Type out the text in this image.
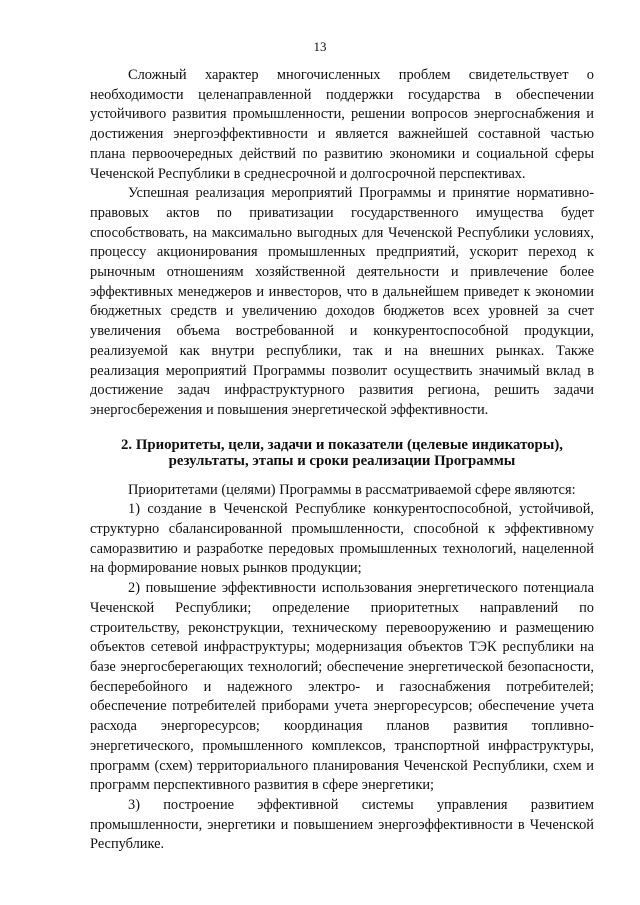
13

Сложный характер многочисленных проблем свидетельствует о необходимости целенаправленной поддержки государства в обеспечении устойчивого развития промышленности, решении вопросов энергоснабжения и достижения энергоэффективности и является важнейшей составной частью плана первоочередных действий по развитию экономики и социальной сферы Чеченской Республики в среднесрочной и долгосрочной перспективах.

Успешная реализация мероприятий Программы и принятие нормативно-правовых актов по приватизации государственного имущества будет способствовать, на максимально выгодных для Чеченской Республики условиях, процессу акционирования промышленных предприятий, ускорит переход к рыночным отношениям хозяйственной деятельности и привлечение более эффективных менеджеров и инвесторов, что в дальнейшем приведет к экономии бюджетных средств и увеличению доходов бюджетов всех уровней за счет увеличения объема востребованной и конкурентоспособной продукции, реализуемой как внутри республики, так и на внешних рынках. Также реализация мероприятий Программы позволит осуществить значимый вклад в достижение задач инфраструктурного развития региона, решить задачи энергосбережения и повышения энергетической эффективности.

2. Приоритеты, цели, задачи и показатели (целевые индикаторы),
результаты, этапы и сроки реализации Программы

Приоритетами (целями) Программы в рассматриваемой сфере являются:

1) создание в Чеченской Республике конкурентоспособной, устойчивой, структурно сбалансированной промышленности, способной к эффективному саморазвитию и разработке передовых промышленных технологий, нацеленной на формирование новых рынков продукции;

2) повышение эффективности использования энергетического потенциала Чеченской Республики; определение приоритетных направлений по строительству, реконструкции, техническому перевооружению и размещению объектов сетевой инфраструктуры; модернизация объектов ТЭК республики на базе энергосберегающих технологий; обеспечение энергетической безопасности, бесперебойного и надежного электро- и газоснабжения потребителей; обеспечение потребителей приборами учета энергоресурсов; обеспечение учета расхода энергоресурсов; координация планов развития топливно-энергетического, промышленного комплексов, транспортной инфраструктуры, программ (схем) территориального планирования Чеченской Республики, схем и программ перспективного развития в сфере энергетики;

3) построение эффективной системы управления развитием промышленности, энергетики и повышением энергоэффективности в Чеченской Республике.
